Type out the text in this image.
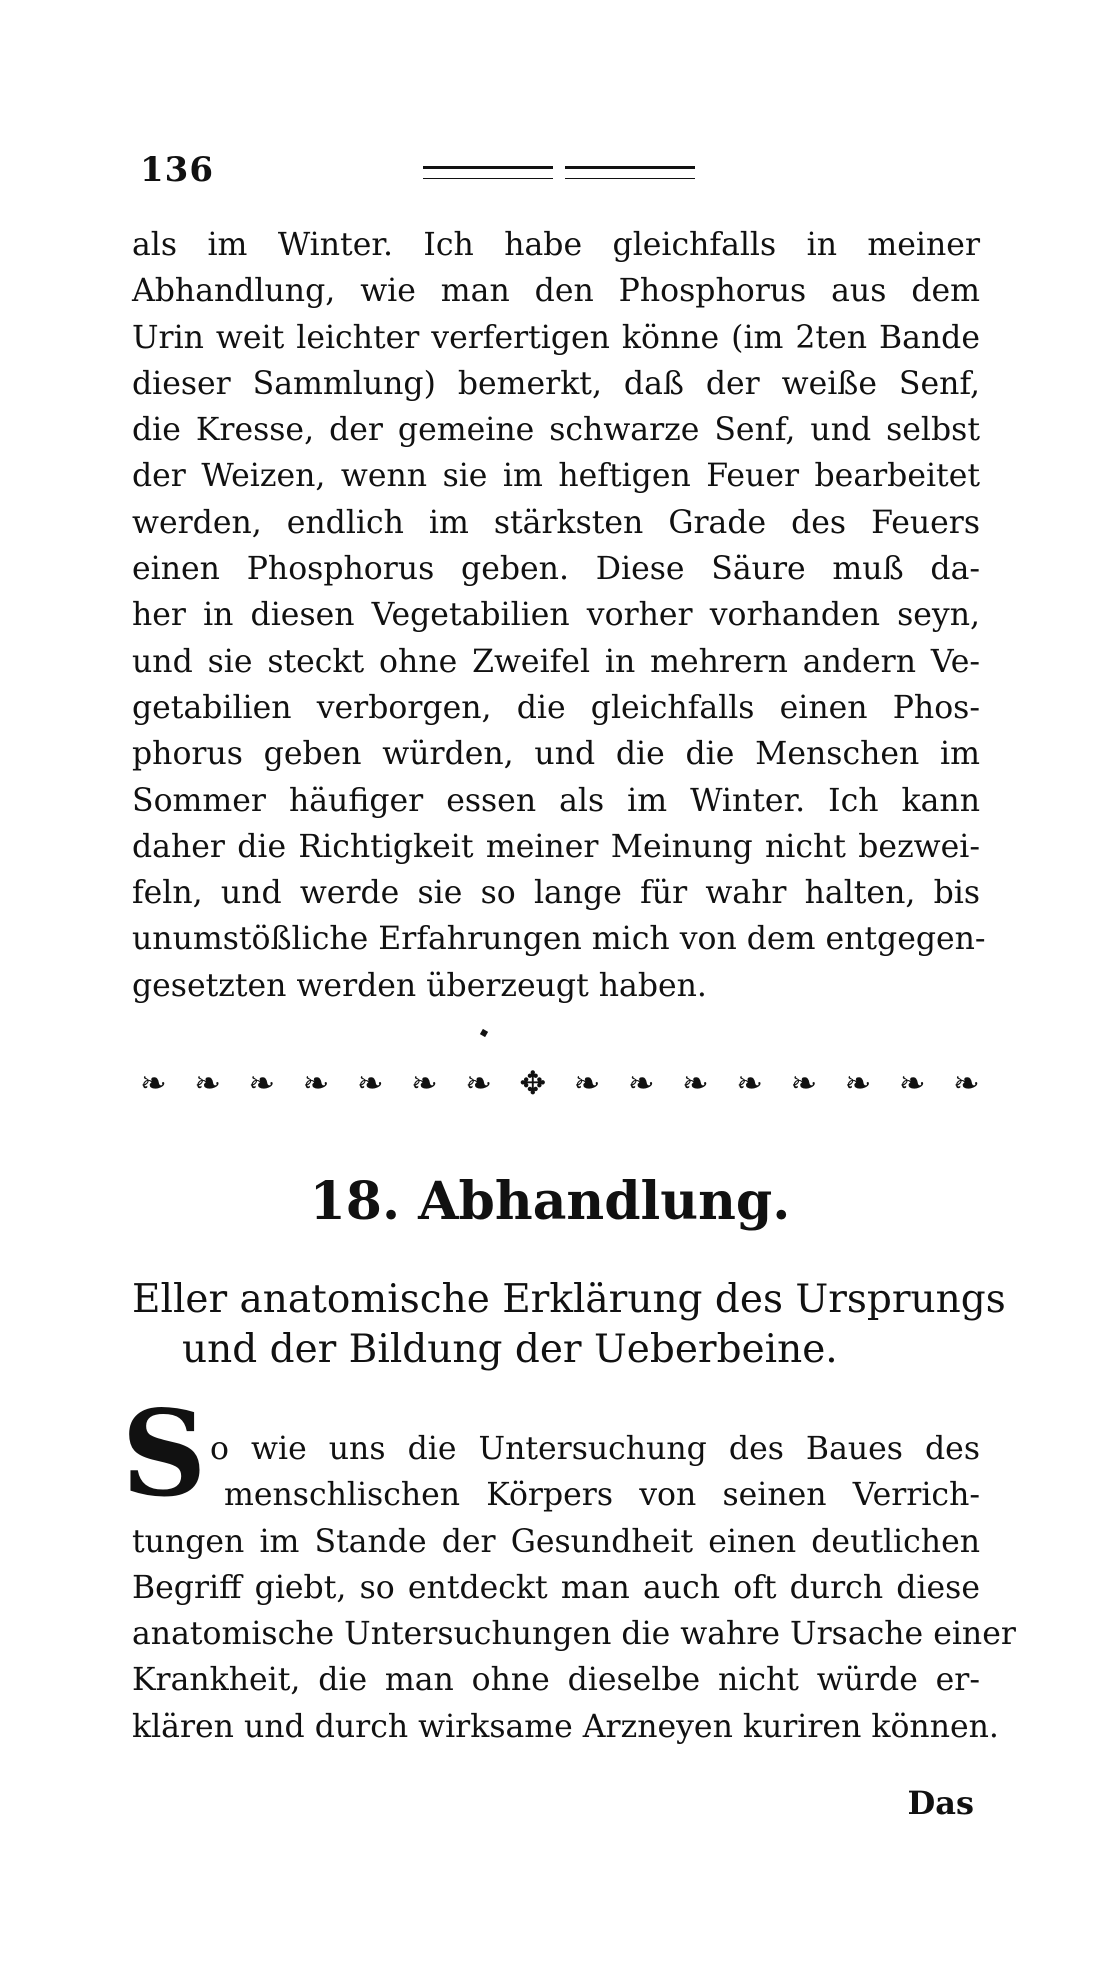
136
als im Winter. Ich habe gleichfalls in meiner
Abhandlung, wie man den Phosphorus aus dem
Urin weit leichter verfertigen könne (im 2ten Bande
dieser Sammlung) bemerkt, daß der weiße Senf,
die Kresse, der gemeine schwarze Senf, und selbst
der Weizen, wenn sie im heftigen Feuer bearbeitet
werden, endlich im stärksten Grade des Feuers
einen Phosphorus geben. Diese Säure muß da-
her in diesen Vegetabilien vorher vorhanden seyn,
und sie steckt ohne Zweifel in mehrern andern Ve-
getabilien verborgen, die gleichfalls einen Phos-
phorus geben würden, und die die Menschen im
Sommer häufiger essen als im Winter. Ich kann
daher die Richtigkeit meiner Meinung nicht bezwei-
feln, und werde sie so lange für wahr halten, bis
unumstößliche Erfahrungen mich von dem entgegen-
gesetzten werden überzeugt haben.
❧ ❧ ❧ ❧ ❧ ❧ ❧ ✥ ❧ ❧ ❧ ❧ ❧ ❧ ❧ ❧
18. Abhandlung.
Eller anatomische Erklärung des Ursprungs
und der Bildung der Ueberbeine.
S o wie uns die Untersuchung des Baues des
menschlischen Körpers von seinen Verrich-
tungen im Stande der Gesundheit einen deutlichen
Begriff giebt, so entdeckt man auch oft durch diese
anatomische Untersuchungen die wahre Ursache einer
Krankheit, die man ohne dieselbe nicht würde er-
klären und durch wirksame Arzneyen kuriren können.
Das
